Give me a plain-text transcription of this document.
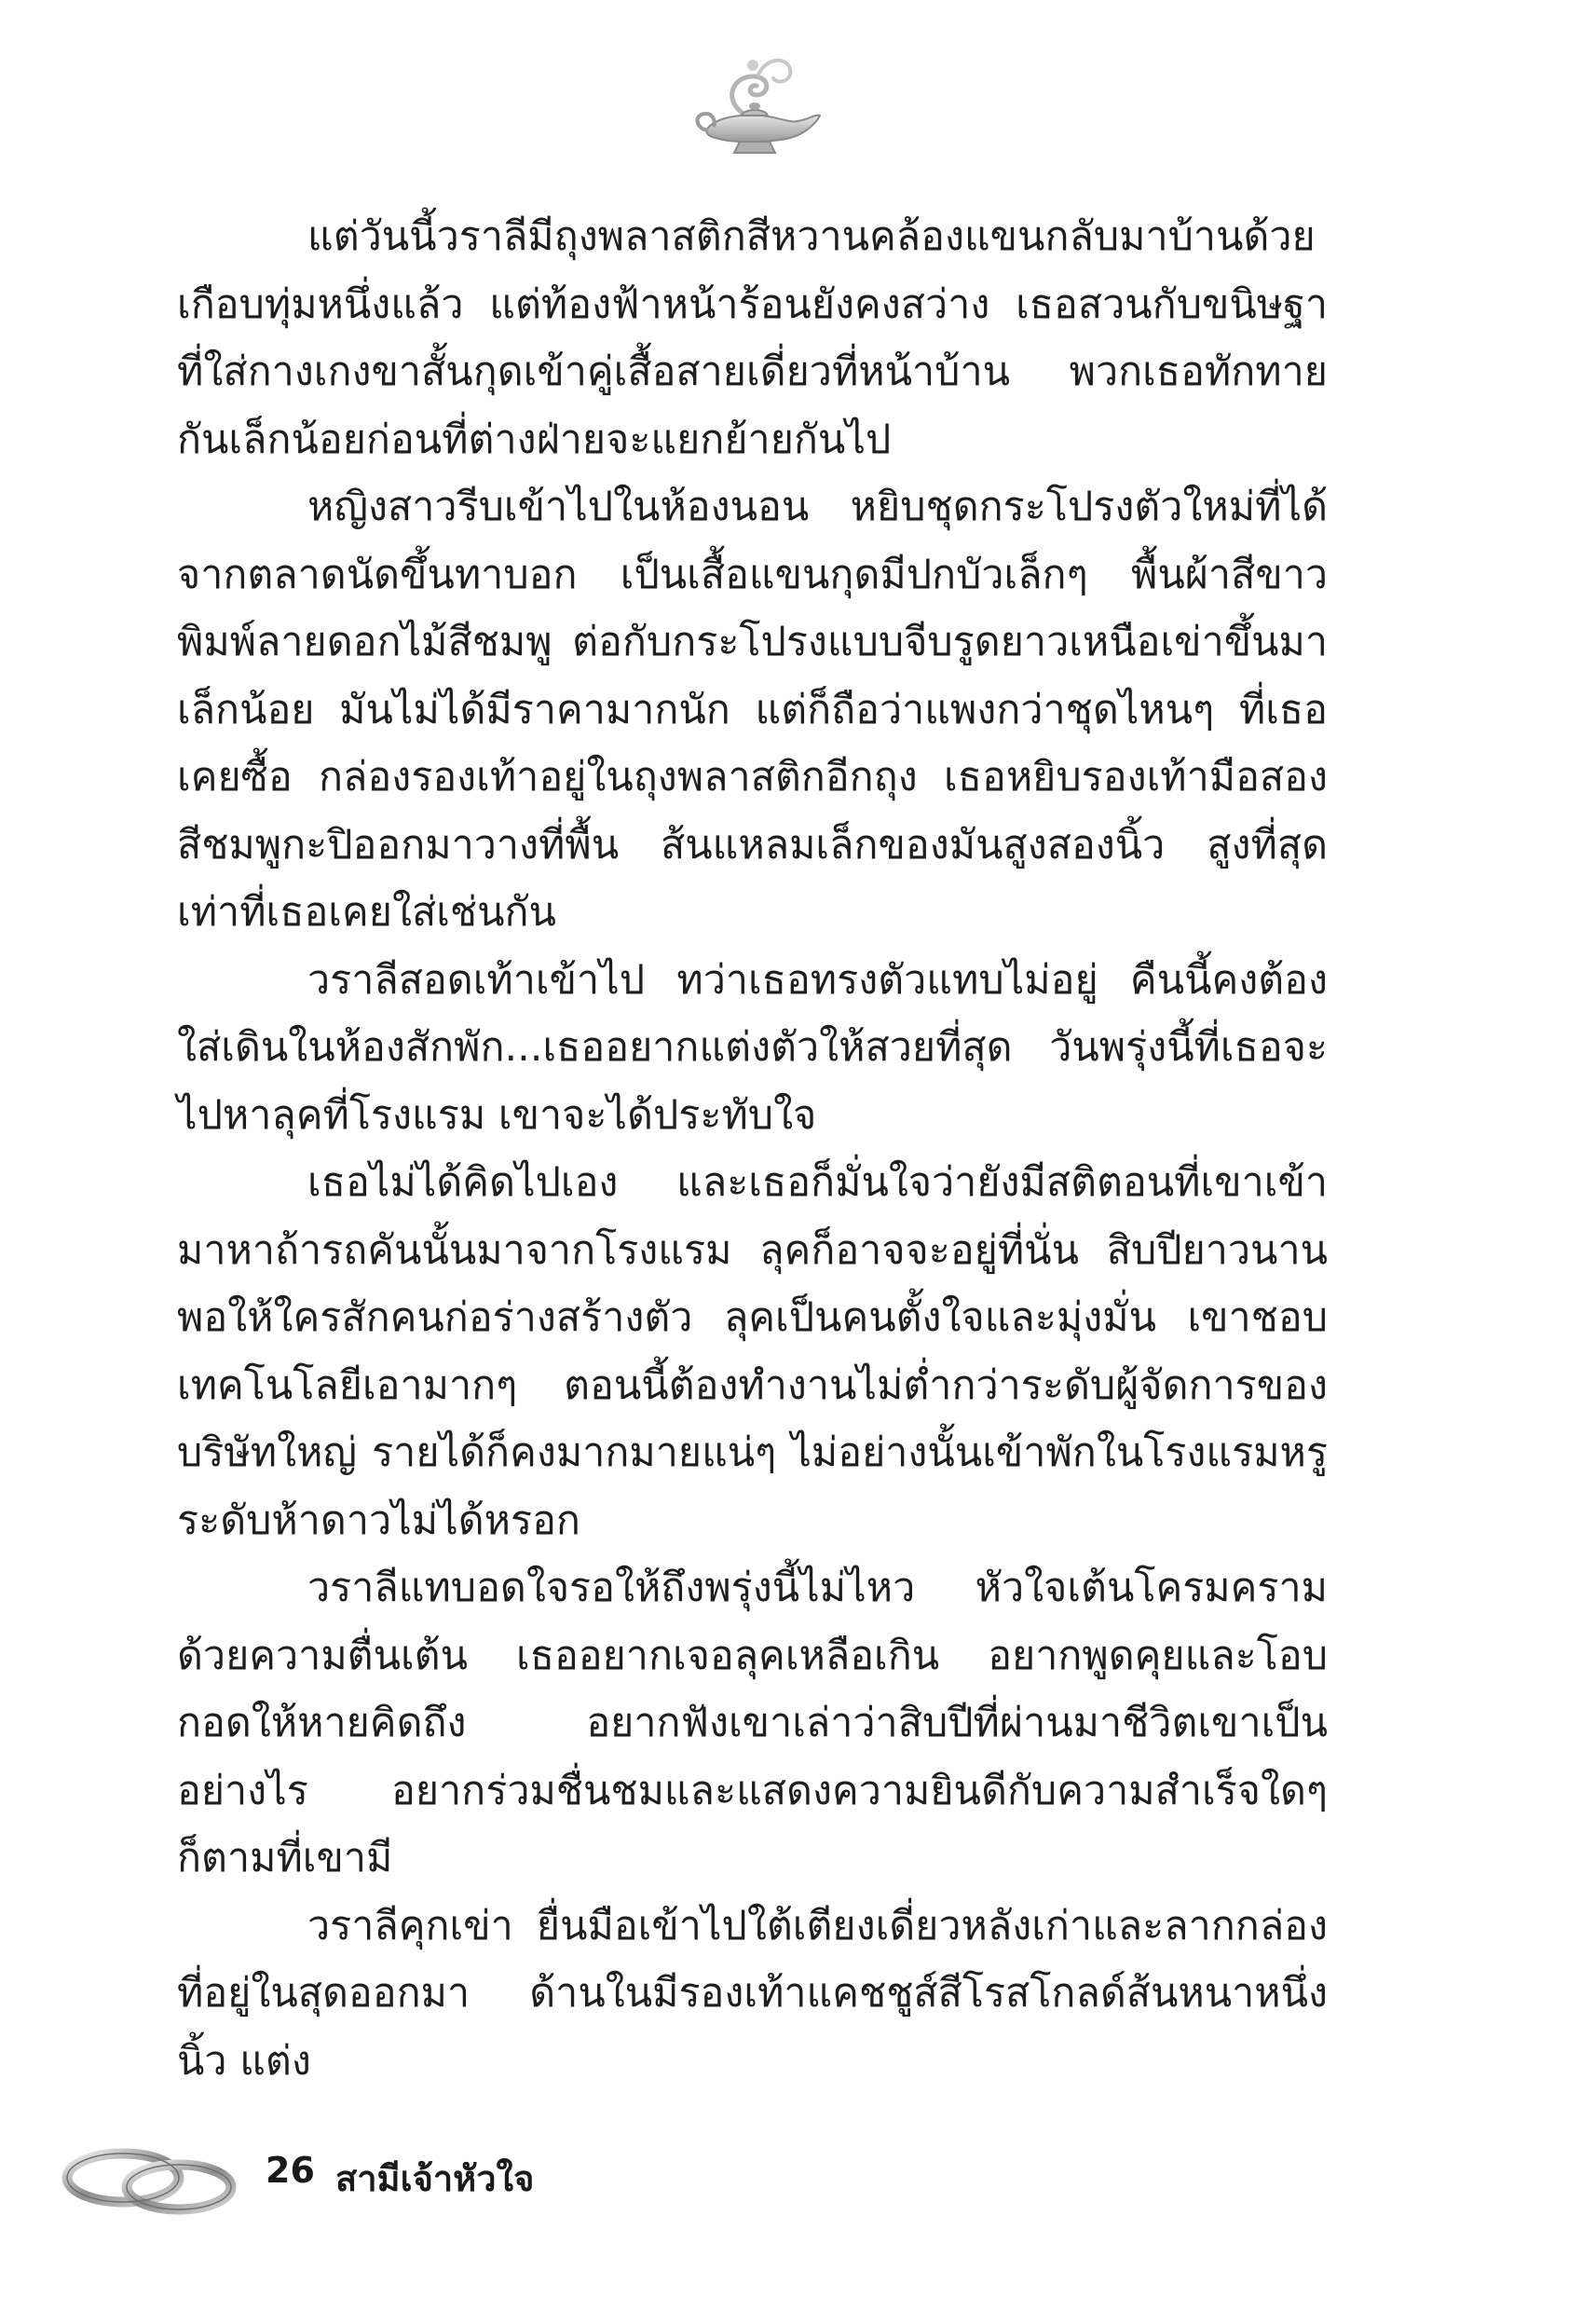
แต่วันนี้วราลีมีถุงพลาสติกสีหวานคล้องแขนกลับมาบ้านด้วย เกือบทุ่มหนึ่งแล้ว แต่ท้องฟ้าหน้าร้อนยังคงสว่าง เธอสวนกับขนิษฐาที่ใส่กางเกงขาสั้นกุดเข้าคู่เสื้อสายเดี่ยวที่หน้าบ้าน พวกเธอทักทายกันเล็กน้อยก่อนที่ต่างฝ่ายจะแยกย้ายกันไป

หญิงสาวรีบเข้าไปในห้องนอน หยิบชุดกระโปรงตัวใหม่ที่ได้จากตลาดนัดขึ้นทาบอก เป็นเสื้อแขนกุดมีปกบัวเล็กๆ พื้นผ้าสีขาวพิมพ์ลายดอกไม้สีชมพู ต่อกับกระโปรงแบบจีบรูดยาวเหนือเข่าขึ้นมาเล็กน้อย มันไม่ได้มีราคามากนัก แต่ก็ถือว่าแพงกว่าชุดไหนๆ ที่เธอเคยซื้อ กล่องรองเท้าอยู่ในถุงพลาสติกอีกถุง เธอหยิบรองเท้ามือสองสีชมพูกะปิออกมาวางที่พื้น ส้นแหลมเล็กของมันสูงสองนิ้ว สูงที่สุดเท่าที่เธอเคยใส่เช่นกัน

วราลีสอดเท้าเข้าไป ทว่าเธอทรงตัวแทบไม่อยู่ คืนนี้คงต้องใส่เดินในห้องสักพัก...เธออยากแต่งตัวให้สวยที่สุด วันพรุ่งนี้ที่เธอจะไปหาลุคที่โรงแรม เขาจะได้ประทับใจ

เธอไม่ได้คิดไปเอง และเธอก็มั่นใจว่ายังมีสติตอนที่เขาเข้ามาหาถ้ารถคันนั้นมาจากโรงแรม ลุคก็อาจจะอยู่ที่นั่น สิบปียาวนานพอให้ใครสักคนก่อร่างสร้างตัว ลุคเป็นคนตั้งใจและมุ่งมั่น เขาชอบเทคโนโลยีเอามากๆ ตอนนี้ต้องทำงานไม่ต่ำกว่าระดับผู้จัดการของบริษัทใหญ่ รายได้ก็คงมากมายแน่ๆ ไม่อย่างนั้นเข้าพักในโรงแรมหรูระดับห้าดาวไม่ได้หรอก

วราลีแทบอดใจรอให้ถึงพรุ่งนี้ไม่ไหว หัวใจเต้นโครมครามด้วยความตื่นเต้น เธออยากเจอลุคเหลือเกิน อยากพูดคุยและโอบกอดให้หายคิดถึง อยากฟังเขาเล่าว่าสิบปีที่ผ่านมาชีวิตเขาเป็นอย่างไร อยากร่วมชื่นชมและแสดงความยินดีกับความสำเร็จใดๆ ก็ตามที่เขามี

วราลีคุกเข่า ยื่นมือเข้าไปใต้เตียงเดี่ยวหลังเก่าและลากกล่องที่อยู่ในสุดออกมา ด้านในมีรองเท้าแคชชูส์สีโรสโกลด์ส้นหนาหนึ่งนิ้ว แต่ง

26 สามีเจ้าหัวใจ
